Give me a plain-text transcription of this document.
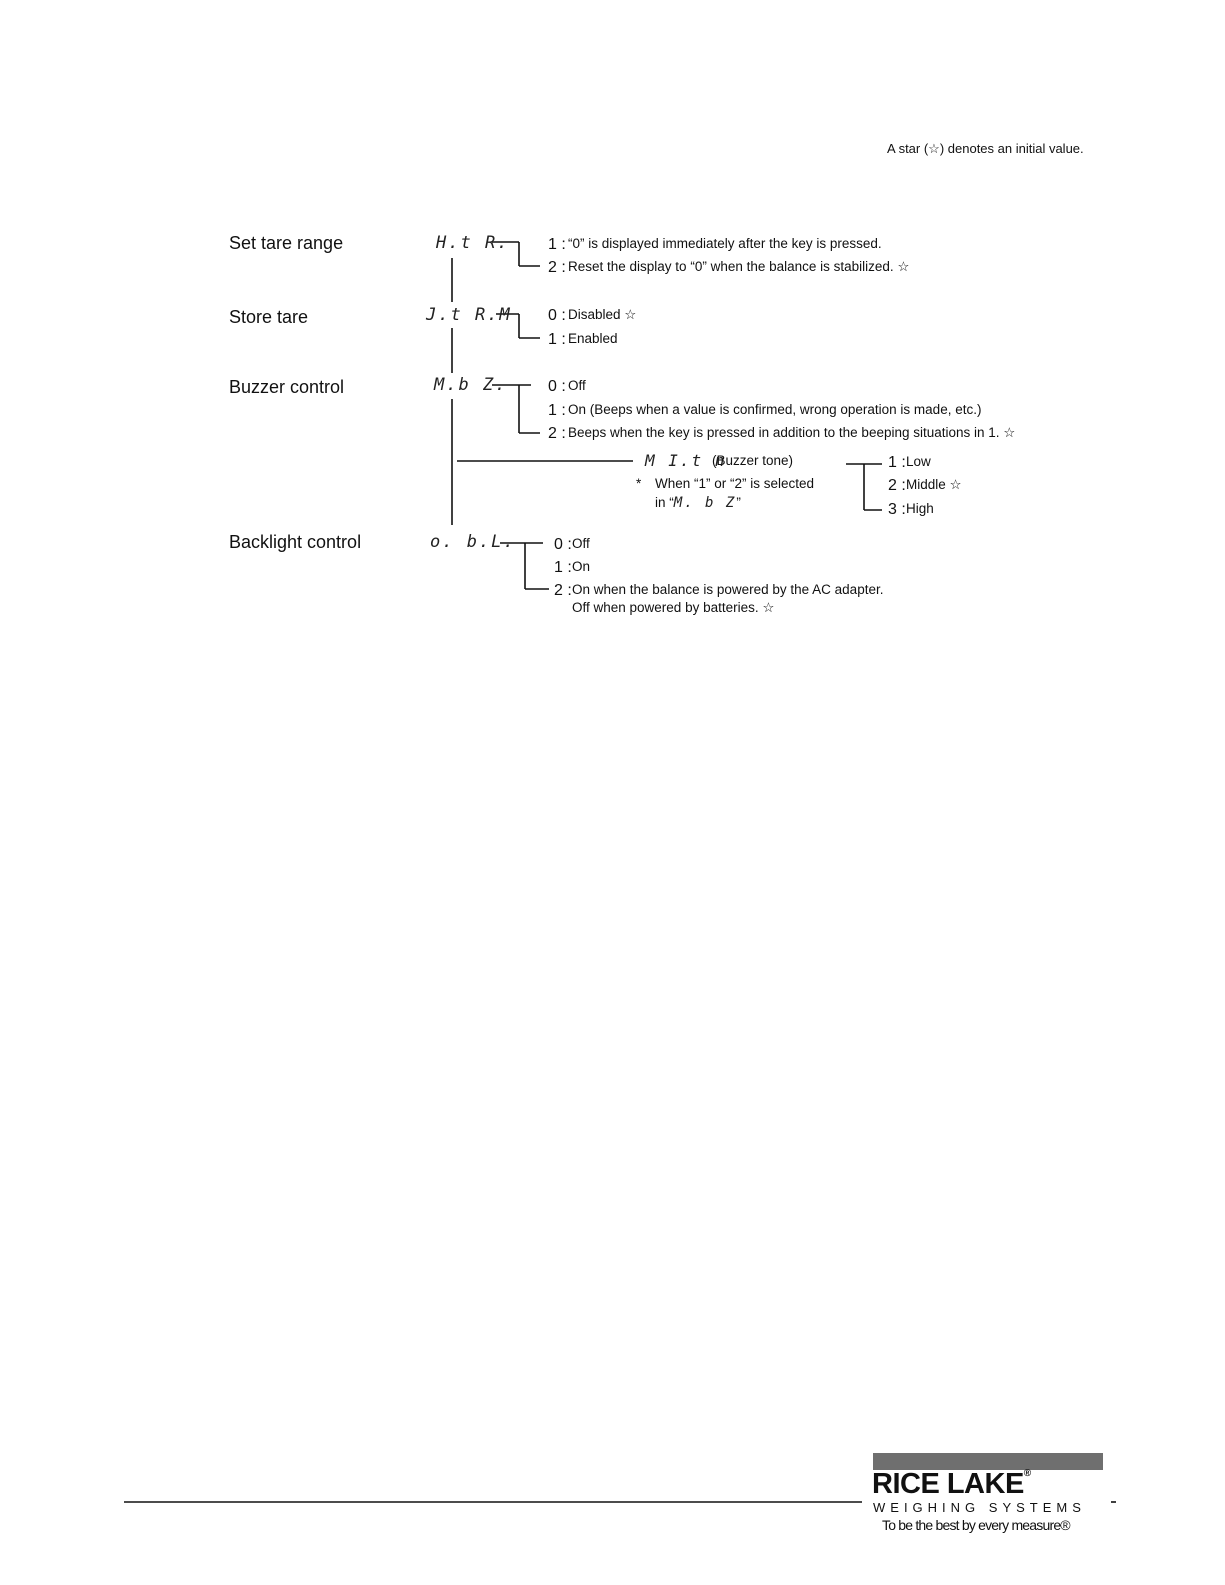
A star (☆) denotes an initial value.
Set tare range	H.t R. 1 : “0” is displayed immediately after the key is pressed.
2 : Reset the display to “0” when the balance is stabilized. ☆
Store tare	J.t R.M 0 : Disabled ☆
1 : Enabled
Buzzer control	M.b Z.	0 : Off
1 : On (Beeps when a value is confirmed, wrong operation is made, etc.)
2 : Beeps when the key is pressed in addition to the beeping situations in 1. ☆
M I.t n
(Buzzer tone)
* When “1” or “2” is selected
in “M. b Z”
1 : Low
2 : Middle ☆
3 : High
Backlight control	o. b.L. 0 : Off
1 : On
2 : On when the balance is powered by the AC adapter.
Off when powered by batteries. ☆
RICE LAKE®
WEIGHING SYSTEMS
To be the best by every measure®
